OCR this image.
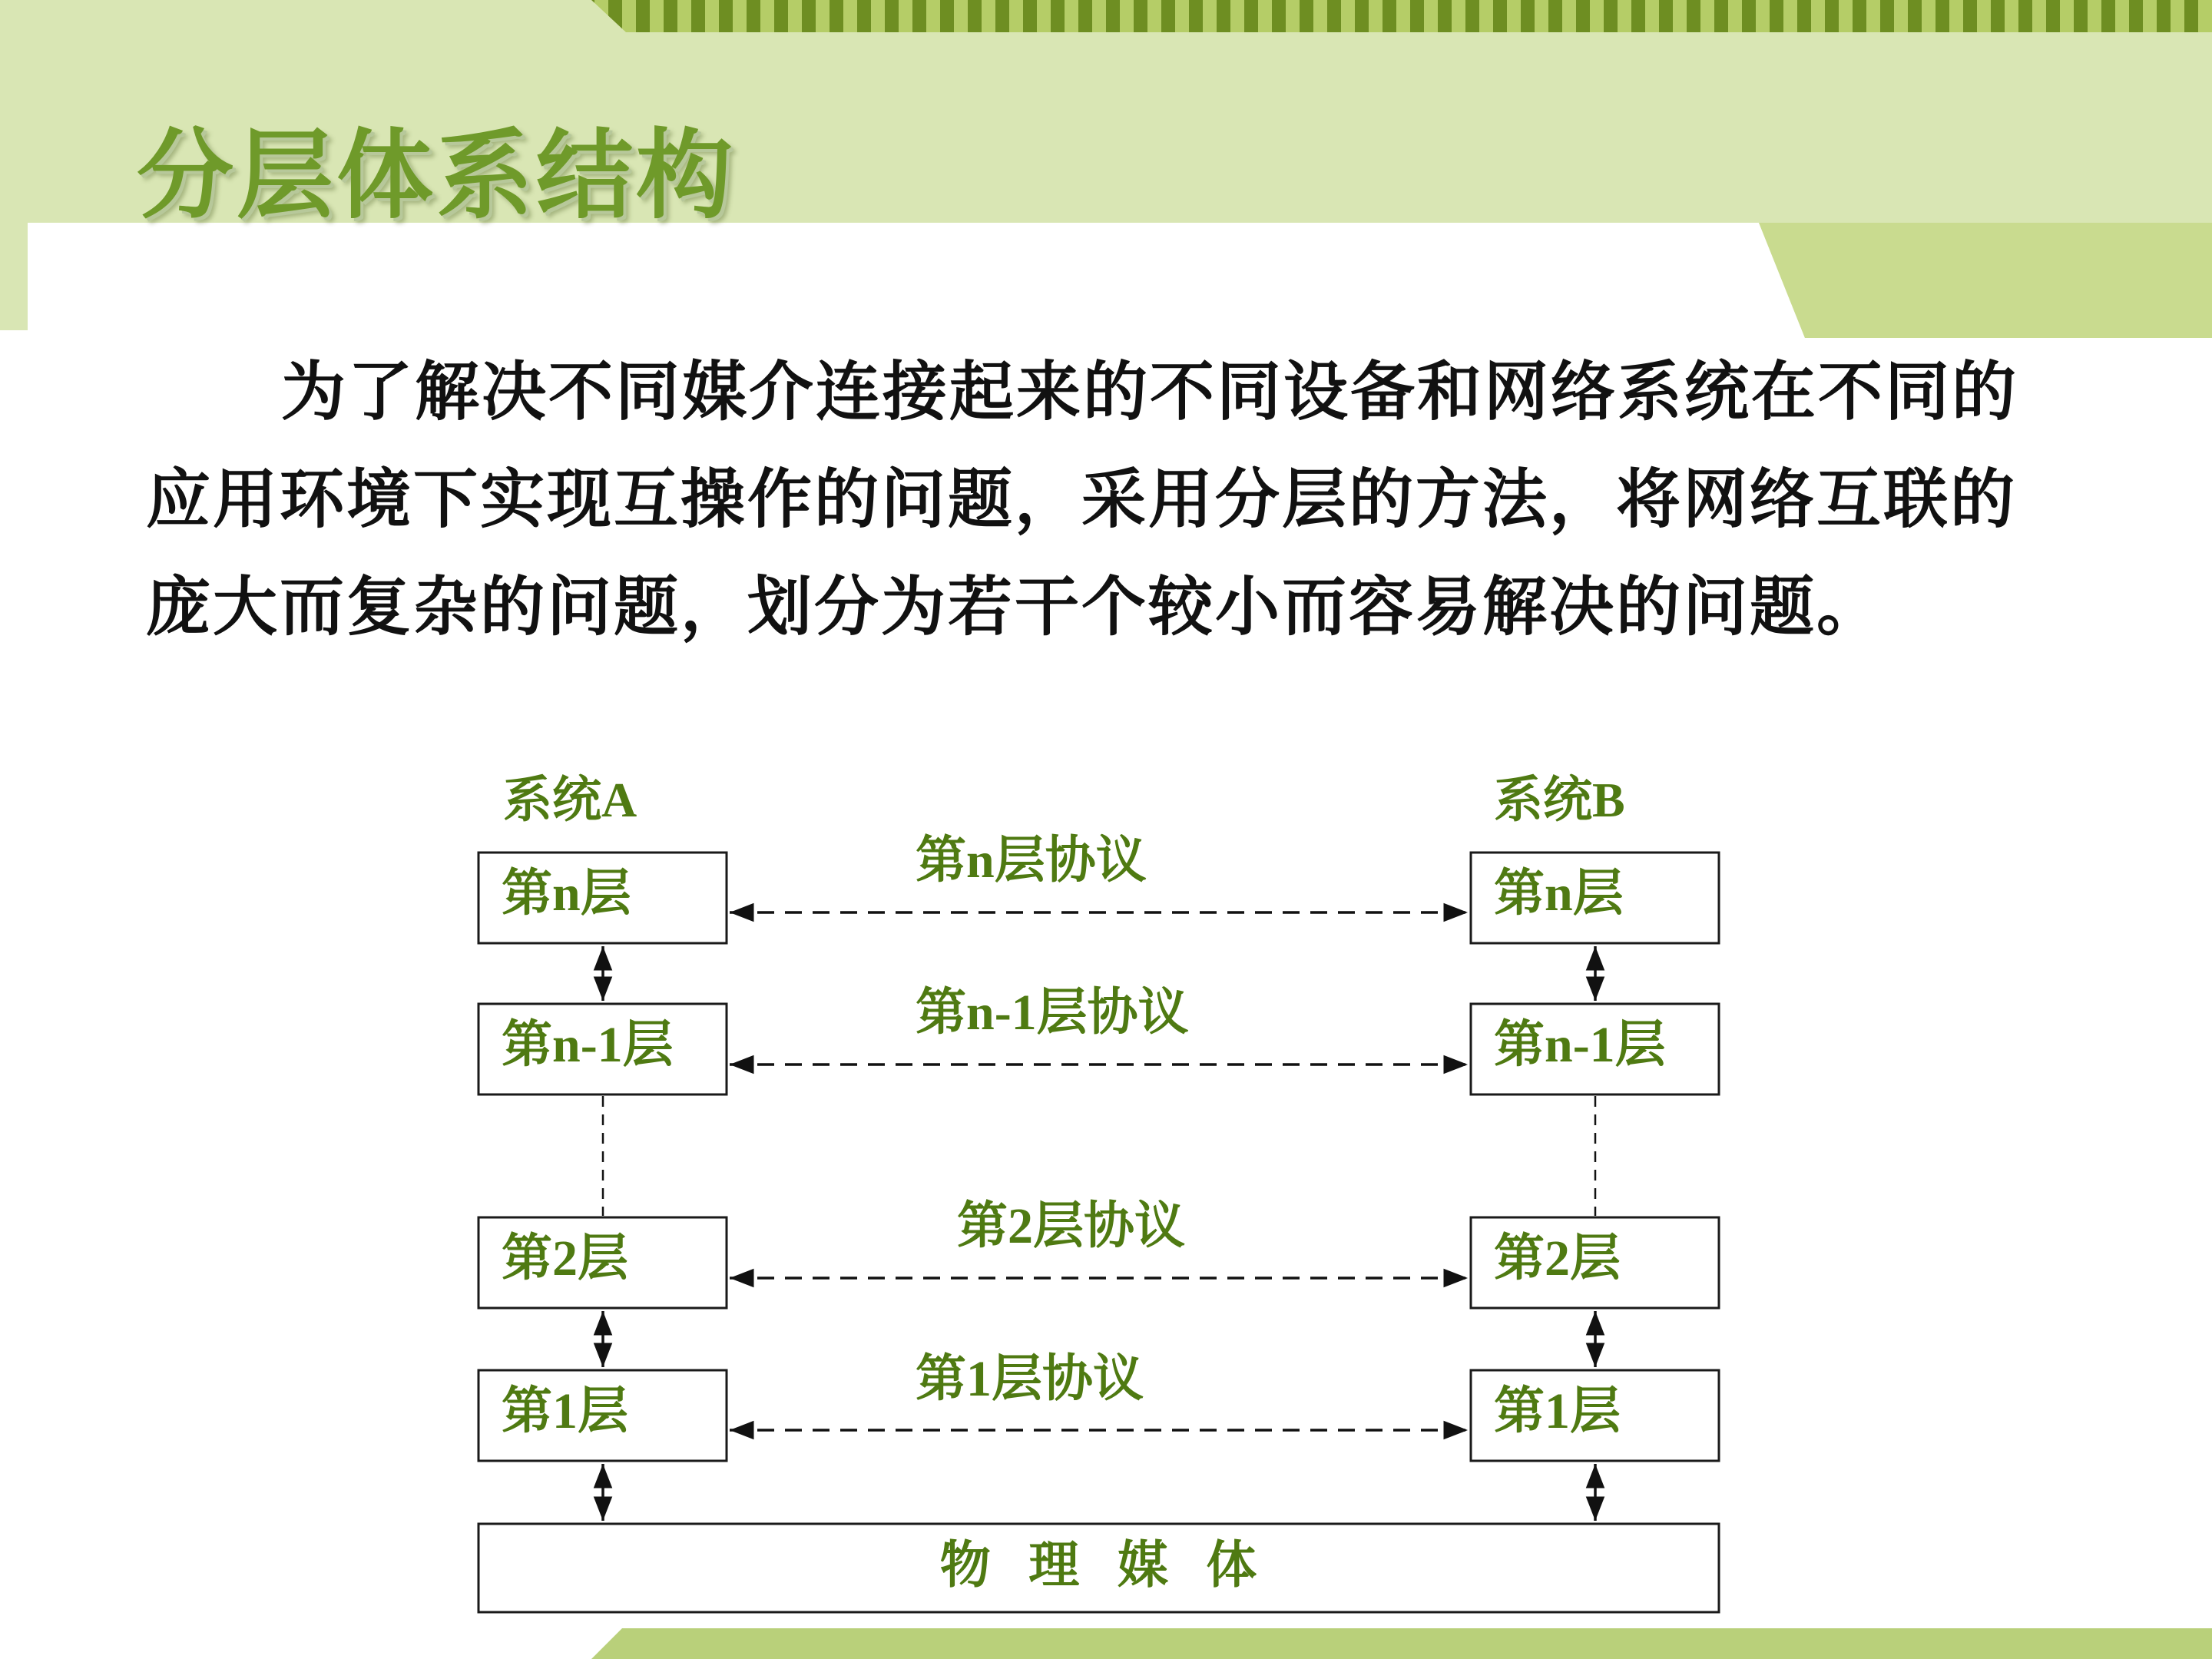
分层体系结构
为了解决不同媒介连接起来的不同设备和网络系统在不同的应用环境下实现互操作的问题，采用分层的方法，将网络互联的庞大而复杂的问题，划分为若干个较小而容易解决的问题。
系统A	系统B
第n层
第n-1层
第2层
第1层
第n层
第n-1层
第2层
第1层
物   理   媒   体
第n层协议
第n-1层协议
第2层协议
第1层协议
